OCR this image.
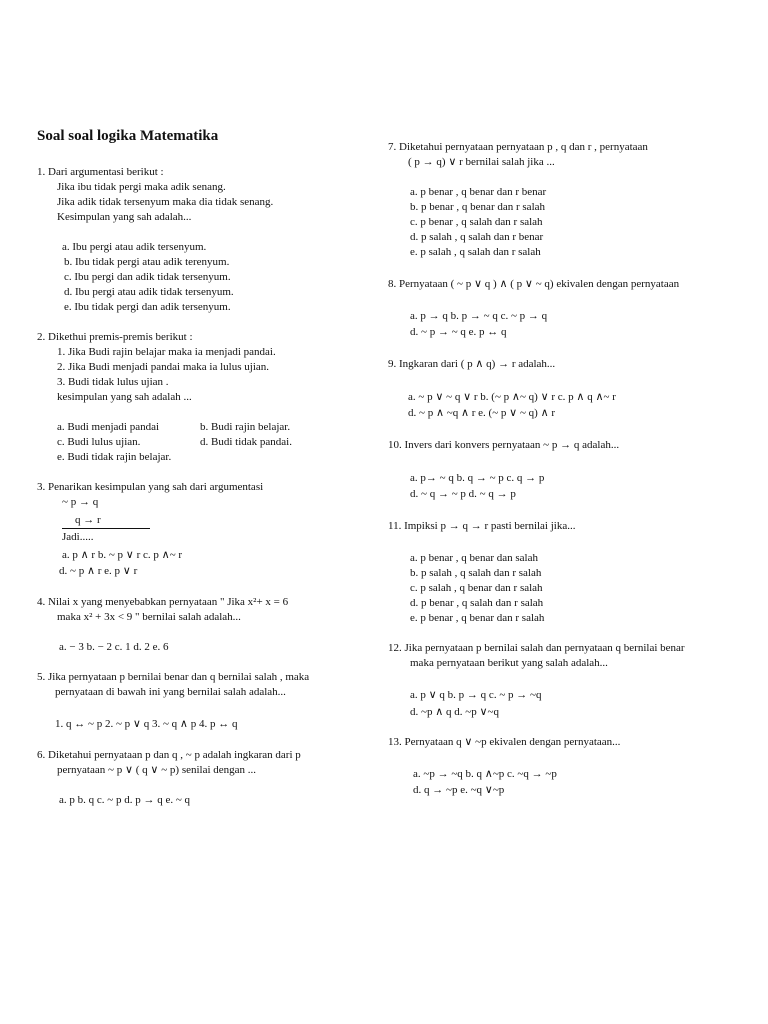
Soal soal logika Matematika
1. Dari argumentasi berikut :
Jika ibu tidak pergi maka adik senang.
Jika adik tidak tersenyum maka dia tidak senang.
Kesimpulan yang sah adalah...
a. Ibu pergi atau adik tersenyum.
b. Ibu tidak pergi atau adik terenyum.
c. Ibu pergi dan adik tidak tersenyum.
d. Ibu pergi atau adik tidak tersenyum.
e. Ibu tidak pergi dan adik tersenyum.
2. Dikethui premis-premis berikut :
1. Jika Budi rajin belajar maka ia menjadi pandai.
2. Jika Budi menjadi pandai maka ia lulus ujian.
3. Budi tidak lulus ujian .
kesimpulan yang sah adalah ...
a. Budi menjadi pandai	b. Budi rajin belajar.
c. Budi lulus ujian.	d. Budi tidak pandai.
e. Budi tidak rajin belajar.
3. Penarikan kesimpulan yang sah dari argumentasi
~ p → q
q → r
Jadi.....
a. p ∧ r b. ~ p ∨ r c. p ∧~ r
d. ~ p ∧ r e. p ∨ r
4. Nilai x yang menyebabkan pernyataan " Jika x²+ x = 6
maka x² + 3x < 9 " bernilai salah adalah...
a. − 3 b. − 2 c. 1 d. 2 e. 6
5. Jika pernyataan p bernilai benar dan q bernilai salah , maka
pernyataan di bawah ini yang bernilai salah adalah...
1. q ↔ ~ p 2. ~ p ∨ q 3. ~ q ∧ p 4. p ↔ q
6. Diketahui pernyataan p dan q , ~ p adalah ingkaran dari p
pernyataan ~ p ∨ ( q ∨ ~ p) senilai dengan ...
a. p b. q c. ~ p d. p → q e. ~ q
7. Diketahui pernyataan pernyataan p , q dan r , pernyataan
( p → q) ∨ r bernilai salah jika ...
a. p benar , q benar dan r benar
b. p benar , q benar dan r salah
c. p benar , q salah dan r salah
d. p salah , q salah dan r benar
e. p salah , q salah dan r salah
8. Pernyataan ( ~ p ∨ q ) ∧ ( p ∨ ~ q) ekivalen dengan pernyataan
a. p → q b. p → ~ q c. ~ p → q
d. ~ p → ~ q e. p ↔ q
9. Ingkaran dari ( p ∧ q) → r adalah...
a. ~ p ∨ ~ q ∨ r b. (~ p ∧~ q) ∨ r c. p ∧ q ∧~ r
d. ~ p ∧ ~q ∧ r e. (~ p ∨ ~ q) ∧ r
10. Invers dari konvers pernyataan ~ p → q adalah...
a. p→ ~ q b. q → ~ p c. q → p
d. ~ q → ~ p d. ~ q → p
11. Impiksi p → q → r pasti bernilai jika...
a. p benar , q benar dan salah
b. p salah , q salah dan r salah
c. p salah , q benar dan r salah
d. p benar , q salah dan r salah
e. p benar , q benar dan r salah
12. Jika pernyataan p bernilai salah dan pernyataan q bernilai benar
maka pernyataan berikut yang salah adalah...
a. p ∨ q b. p → q c. ~ p → ~q
d. ~p ∧ q d. ~p ∨~q
13. Pernyataan q ∨ ~p ekivalen dengan pernyataan...
a. ~p → ~q b. q ∧~p c. ~q → ~p
d. q → ~p e. ~q ∨~p
